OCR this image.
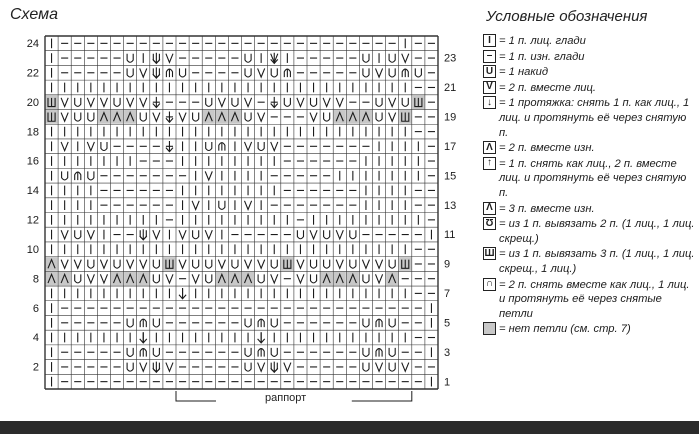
Схема	Условные обозначения
24
22
20
18
16
14
12
10
8
6
4
2
23
21
19
17
15
13
11
9
7
5
3
1
раппорт
I = 1 п. лиц. глади
– = 1 п. изн. глади
U = 1 накид
V = 2 п. вместе лиц.
↓ = 1 протяжка: снять 1 п. как лиц., 1 лиц. и протянуть её через снятую п.
Λ = 2 п. вместе изн.
↑ = 1 п. снять как лиц., 2 п. вместе лиц. и протянуть её через снятую п.
Ʌ = 3 п. вместе изн.
Ʊ = из 1 п. вывязать 2 п. (1 лиц., 1 лиц. скрещ.)
Ш = из 1 п. вывязать 3 п. (1 лиц., 1 лиц. скрещ., 1 лиц.)
∩ = 2 п. снять вместе как лиц., 1 лиц. и протянуть её через снятые петли
= нет петли (см. стр. 7)
